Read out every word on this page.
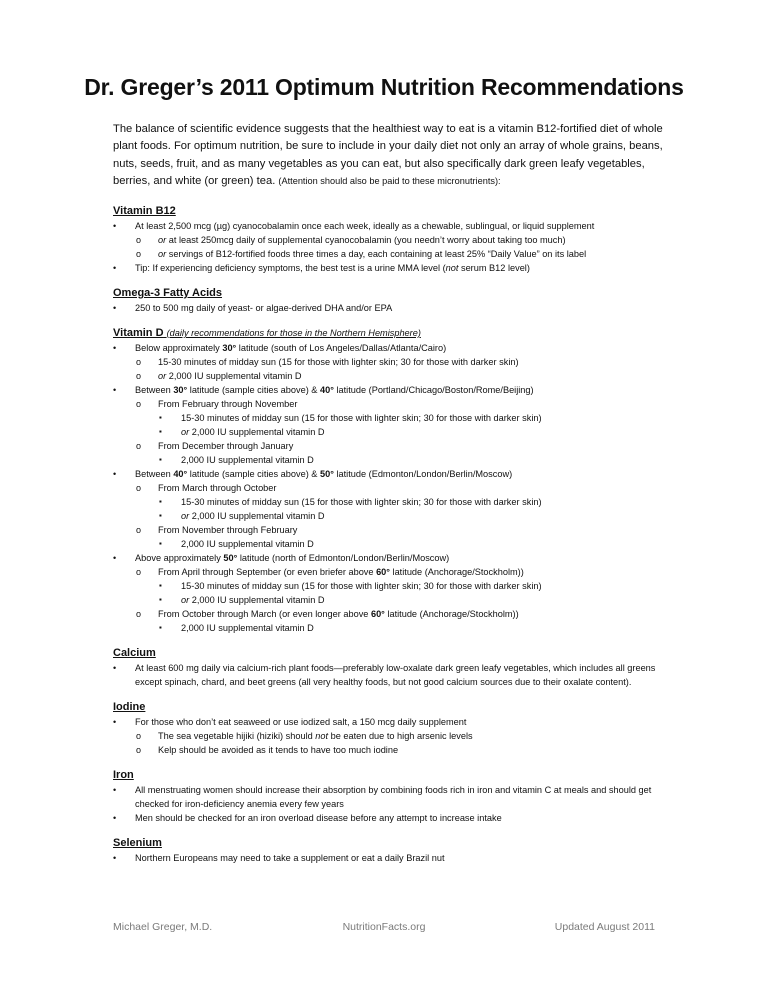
Dr. Greger’s 2011 Optimum Nutrition Recommendations
The balance of scientific evidence suggests that the healthiest way to eat is a vitamin B12-fortified diet of whole plant foods. For optimum nutrition, be sure to include in your daily diet not only an array of whole grains, beans, nuts, seeds, fruit, and as many vegetables as you can eat, but also specifically dark green leafy vegetables, berries, and white (or green) tea. (Attention should also be paid to these micronutrients):
Vitamin B12
• At least 2,500 mcg (µg) cyanocobalamin once each week, ideally as a chewable, sublingual, or liquid supplement
o or at least 250mcg daily of supplemental cyanocobalamin (you needn’t worry about taking too much)
o or servings of B12-fortified foods three times a day, each containing at least 25% “Daily Value” on its label
• Tip: If experiencing deficiency symptoms, the best test is a urine MMA level (not serum B12 level)
Omega-3 Fatty Acids
• 250 to 500 mg daily of yeast- or algae-derived DHA and/or EPA
Vitamin D (daily recommendations for those in the Northern Hemisphere)
• Below approximately 30° latitude (south of Los Angeles/Dallas/Atlanta/Cairo)
o 15-30 minutes of midday sun (15 for those with lighter skin; 30 for those with darker skin)
o or 2,000 IU supplemental vitamin D
• Between 30° latitude (sample cities above) & 40° latitude (Portland/Chicago/Boston/Rome/Beijing)
o From February through November
▪ 15-30 minutes of midday sun (15 for those with lighter skin; 30 for those with darker skin)
▪ or 2,000 IU supplemental vitamin D
o From December through January
▪ 2,000 IU supplemental vitamin D
• Between 40° latitude (sample cities above) & 50° latitude (Edmonton/London/Berlin/Moscow)
o From March through October
▪ 15-30 minutes of midday sun (15 for those with lighter skin; 30 for those with darker skin)
▪ or 2,000 IU supplemental vitamin D
o From November through February
▪ 2,000 IU supplemental vitamin D
• Above approximately 50° latitude (north of Edmonton/London/Berlin/Moscow)
o From April through September (or even briefer above 60° latitude (Anchorage/Stockholm))
▪ 15-30 minutes of midday sun (15 for those with lighter skin; 30 for those with darker skin)
▪ or 2,000 IU supplemental vitamin D
o From October through March (or even longer above 60° latitude (Anchorage/Stockholm))
▪ 2,000 IU supplemental vitamin D
Calcium
• At least 600 mg daily via calcium-rich plant foods—preferably low-oxalate dark green leafy vegetables, which includes all greens except spinach, chard, and beet greens (all very healthy foods, but not good calcium sources due to their oxalate content).
Iodine
• For those who don’t eat seaweed or use iodized salt, a 150 mcg daily supplement
o The sea vegetable hijiki (hiziki) should not be eaten due to high arsenic levels
o Kelp should be avoided as it tends to have too much iodine
Iron
• All menstruating women should increase their absorption by combining foods rich in iron and vitamin C at meals and should get checked for iron-deficiency anemia every few years
• Men should be checked for an iron overload disease before any attempt to increase intake
Selenium
• Northern Europeans may need to take a supplement or eat a daily Brazil nut
Michael Greger, M.D.	NutritionFacts.org	Updated August 2011
